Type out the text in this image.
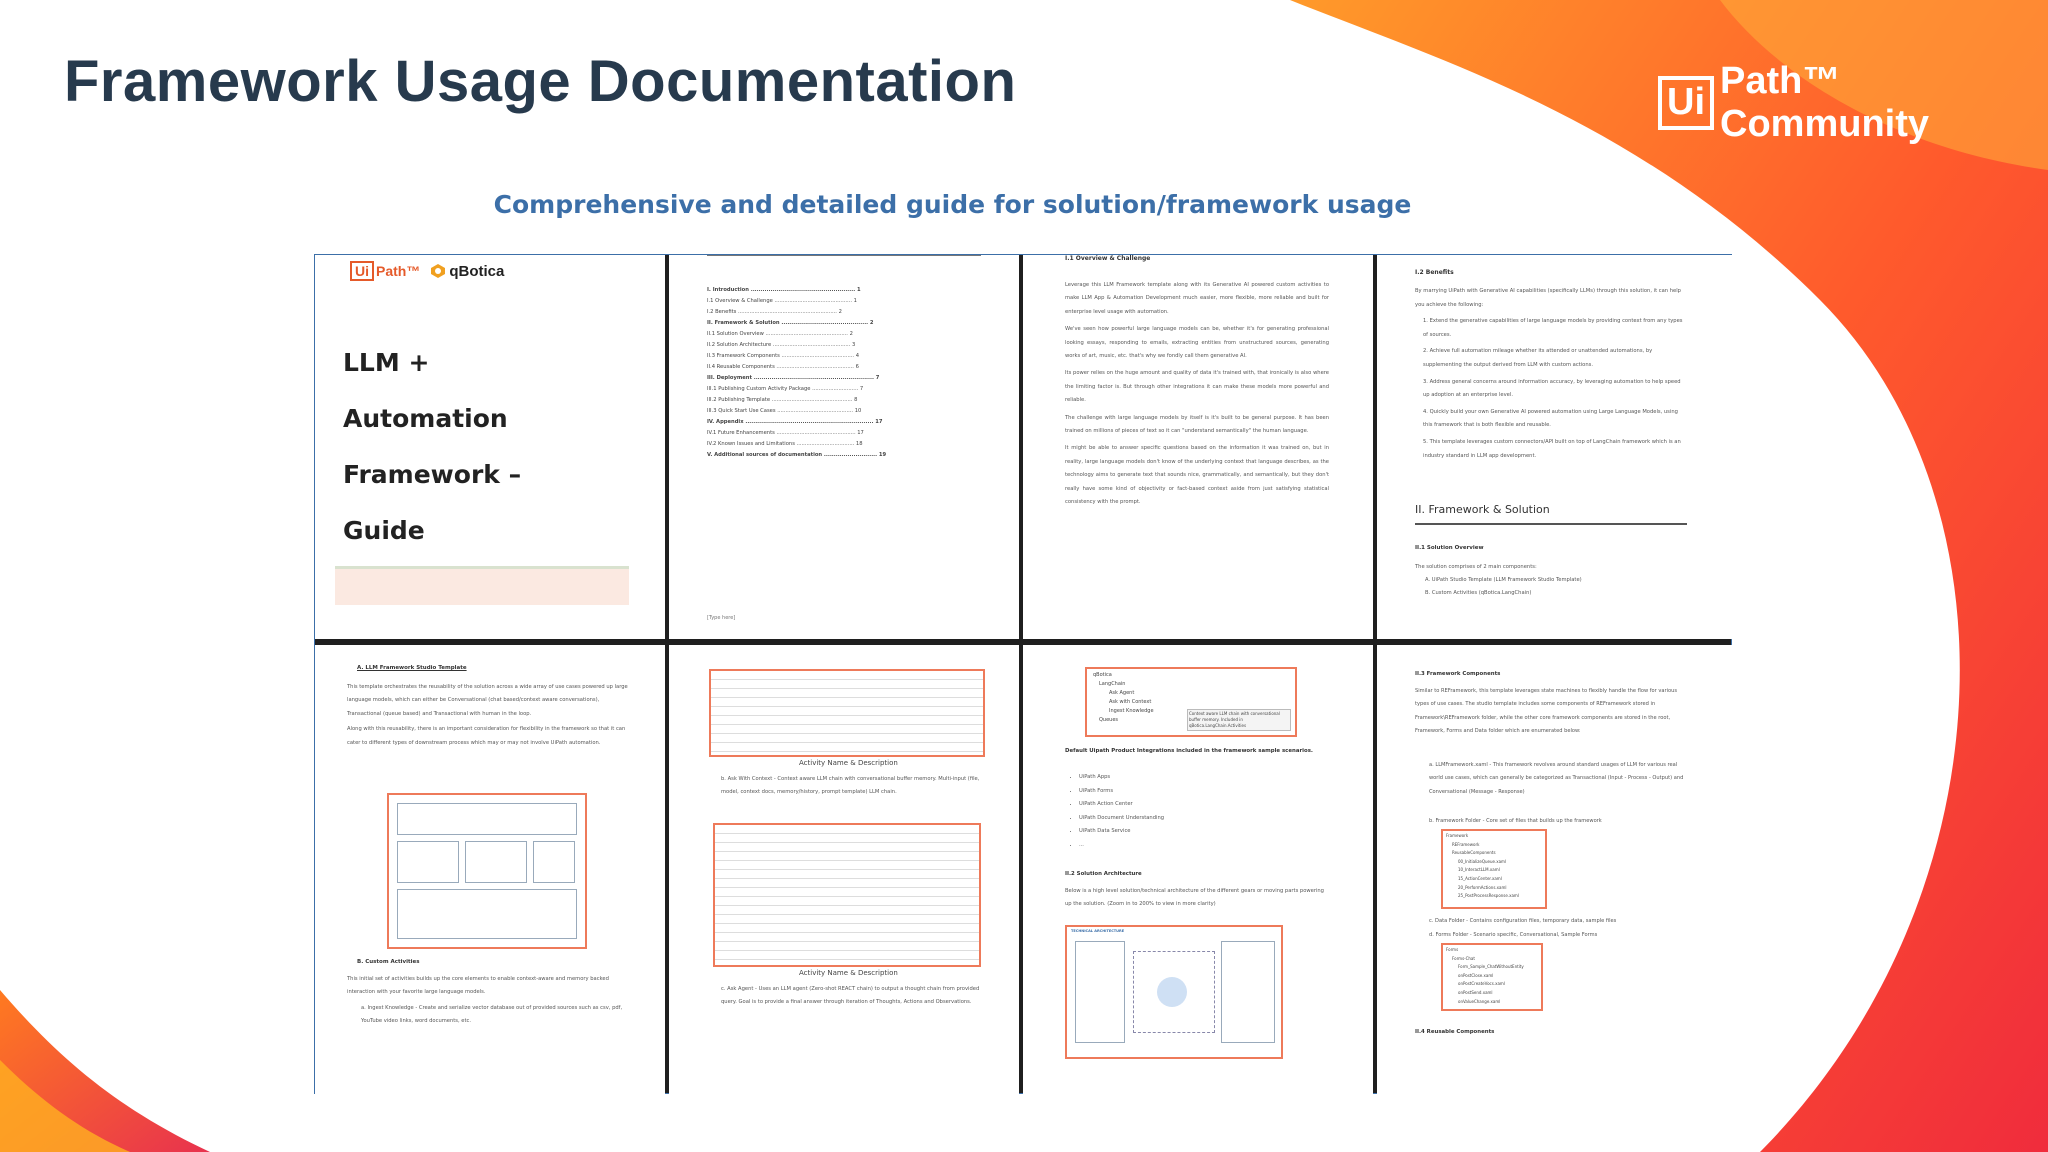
Framework Usage Documentation	Ui Path™ Community
Comprehensive and detailed guide for solution/framework usage
Ui Path™ qBotica
LLM +
Automation
Framework –
Guide
I. Introduction ..................................................... 1
I.1 Overview & Challenge ............................................... 1
I.2 Benefits ............................................................ 2
II. Framework & Solution ............................................ 2
II.1 Solution Overview .................................................. 2
II.2 Solution Architecture ............................................... 3
II.3 Framework Components ............................................ 4
II.4 Reusable Components ............................................... 6
III. Deployment ............................................................. 7
III.1 Publishing Custom Activity Package ............................ 7
III.2 Publishing Template ................................................. 8
III.3 Quick Start Use Cases .............................................. 10
IV. Appendix ................................................................. 17
IV.1 Future Enhancements ................................................ 17
IV.2 Known Issues and Limitations ................................... 18
V. Additional sources of documentation ........................... 19
[Type here]
I.1 Overview & Challenge

Leverage this LLM Framework template along with its Generative AI powered custom activities to make LLM App & Automation Development much easier, more flexible, more reliable and built for enterprise level usage with automation.

We've seen how powerful large language models can be, whether it's for generating professional looking essays, responding to emails, extracting entities from unstructured sources, generating works of art, music, etc. that's why we fondly call them generative AI.

Its power relies on the huge amount and quality of data it's trained with, that ironically is also where the limiting factor is. But through other integrations it can make these models more powerful and reliable.

The challenge with large language models by itself is it's built to be general purpose. It has been trained on millions of pieces of text so it can "understand semantically" the human language.

It might be able to answer specific questions based on the information it was trained on, but in reality, large language models don't know of the underlying context that language describes, as the technology aims to generate text that sounds nice, grammatically, and semantically, but they don't really have some kind of objectivity or fact-based context aside from just satisfying statistical consistency with the prompt.

I.2 Benefits

By marrying UiPath with Generative AI capabilities (specifically LLMs) through this solution, it can help you achieve the following:

1. Extend the generative capabilities of large language models by providing context from any types of sources.

2. Achieve full automation mileage whether its attended or unattended automations, by supplementing the output derived from LLM with custom actions.

3. Address general concerns around information accuracy, by leveraging automation to help speed up adoption at an enterprise level.

4. Quickly build your own Generative AI powered automation using Large Language Models, using this framework that is both flexible and reusable.

5. This template leverages custom connectors/API built on top of LangChain framework which is an industry standard in LLM app development.

II. Framework & Solution
II.1 Solution Overview
The solution comprises of 2 main components:
A. UiPath Studio Template (LLM Framework Studio Template)
B. Custom Activities (qBotica.LangChain)
A. LLM Framework Studio Template

This template orchestrates the reusability of the solution across a wide array of use cases powered up large language models, which can either be Conversational (chat based/context aware conversations), Transactional (queue based) and Transactional with human in the loop.

Along with this reusability, there is an important consideration for flexibility in the framework so that it can cater to different types of downstream process which may or may not involve UiPath automation.

B. Custom Activities

This initial set of activities builds up the core elements to enable context-aware and memory backed interaction with your favorite large language models.

a. Ingest Knowledge - Create and serialize vector database out of provided sources such as csv, pdf, YouTube video links, word documents, etc.

Activity Name & Description
b. Ask With Context - Context aware LLM chain with conversational buffer memory. Multi-input (file, model, context docs, memory/history, prompt template) LLM chain.
Activity Name & Description
c. Ask Agent - Uses an LLM agent (Zero-shot REACT chain) to output a thought chain from provided query. Goal is to provide a final answer through iteration of Thoughts, Actions and Observations.
qBotica
LangChain
Ask Agent
Ask with Context
Ingest Knowledge
Queues
Context aware LLM chain with conversational buffer memory. Included in qBotica.LangChain.Activities
Default Uipath Product Integrations included in the framework sample scenarios.
• UiPath Apps
• UiPath Forms
• UiPath Action Center
• UiPath Document Understanding
• UiPath Data Service
• ...
II.2 Solution Architecture
Below is a high level solution/technical architecture of the different gears or moving parts powering up the solution. (Zoom in to 200% to view in more clarity)
TECHNICAL ARCHITECTURE
II.3 Framework Components
Similar to REFramework, this template leverages state machines to flexibly handle the flow for various types of use cases. The studio template includes some components of REFramework stored in Framework\REFramework folder, while the other core framework components are stored in the root, Framework, Forms and Data folder which are enumerated below:
a. LLMFramework.xaml - This framework revolves around standard usages of LLM for various real world use cases, which can generally be categorized as Transactional (Input - Process - Output) and Conversational (Message - Response)
b. Framework Folder - Core set of files that builds up the framework
Framework
REFramework
ReusableComponents
00_InitializeQueue.xaml
10_InteractLLM.xaml
15_ActionCenter.xaml
20_PerformActions.xaml
25_PostProcessResponse.xaml
c. Data Folder - Contains configuration files, temporary data, sample files
d. Forms Folder - Scenario specific, Conversational, Sample Forms
Forms
Forms-Chat
Form_Sample_ChatWithoutEntity
onPostClose.xaml
onPostCreateVocs.xaml
onPostSend.xaml
onValueChange.xaml
II.4 Reusable Components
